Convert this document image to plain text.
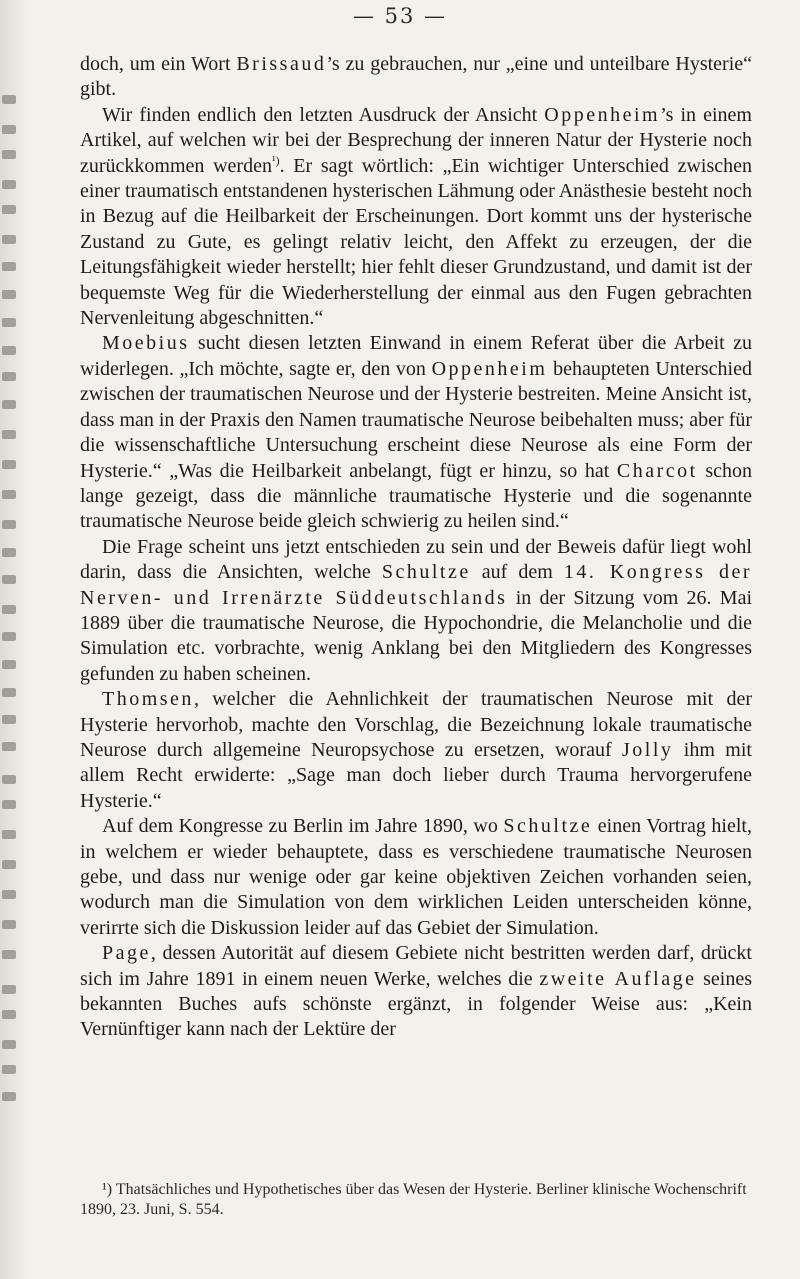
— 53 —

doch, um ein Wort Brissaud’s zu gebrauchen, nur „eine und unteilbare Hysterie“ gibt.

Wir finden endlich den letzten Ausdruck der Ansicht Oppenheim’s in einem Artikel, auf welchen wir bei der Besprechung der inneren Natur der Hysterie noch zurückkommen werden$^{^1)}$. Er sagt wörtlich: „Ein wichtiger Unterschied zwischen einer traumatisch entstandenen hysterischen Lähmung oder Anästhesie besteht noch in Bezug auf die Heilbarkeit der Erscheinungen. Dort kommt uns der hysterische Zustand zu Gute, es gelingt relativ leicht, den Affekt zu erzeugen, der die Leitungsfähigkeit wieder herstellt; hier fehlt dieser Grundzustand, und damit ist der bequemste Weg für die Wiederherstellung der einmal aus den Fugen gebrachten Nervenleitung abgeschnitten.“

Moebius sucht diesen letzten Einwand in einem Referat über die Arbeit zu widerlegen. „Ich möchte, sagte er, den von Oppenheim behaupteten Unterschied zwischen der traumatischen Neurose und der Hysterie bestreiten. Meine Ansicht ist, dass man in der Praxis den Namen traumatische Neurose beibehalten muss; aber für die wissenschaftliche Untersuchung erscheint diese Neurose als eine Form der Hysterie.“ „Was die Heilbarkeit anbelangt, fügt er hinzu, so hat Charcot schon lange gezeigt, dass die männliche traumatische Hysterie und die sogenannte traumatische Neurose beide gleich schwierig zu heilen sind.“

Die Frage scheint uns jetzt entschieden zu sein und der Beweis dafür liegt wohl darin, dass die Ansichten, welche Schultze auf dem 14. Kongress der Nerven- und Irrenärzte Süddeutschlands in der Sitzung vom 26. Mai 1889 über die traumatische Neurose, die Hypochondrie, die Melancholie und die Simulation etc. vorbrachte, wenig Anklang bei den Mitgliedern des Kongresses gefunden zu haben scheinen.

Thomsen, welcher die Aehnlichkeit der traumatischen Neurose mit der Hysterie hervorhob, machte den Vorschlag, die Bezeichnung lokale traumatische Neurose durch allgemeine Neuropsychose zu ersetzen, worauf Jolly ihm mit allem Recht erwiderte: „Sage man doch lieber durch Trauma hervorgerufene Hysterie.“

Auf dem Kongresse zu Berlin im Jahre 1890, wo Schultze einen Vortrag hielt, in welchem er wieder behauptete, dass es verschiedene traumatische Neurosen gebe, und dass nur wenige oder gar keine objektiven Zeichen vorhanden seien, wodurch man die Simulation von dem wirklichen Leiden unterscheiden könne, verirrte sich die Diskussion leider auf das Gebiet der Simulation.

Page, dessen Autorität auf diesem Gebiete nicht bestritten werden darf, drückt sich im Jahre 1891 in einem neuen Werke, welches die zweite Auflage seines bekannten Buches aufs schönste ergänzt, in folgender Weise aus: „Kein Vernünftiger kann nach der Lektüre der

¹) Thatsächliches und Hypothetisches über das Wesen der Hysterie. Berliner klinische Wochenschrift 1890, 23. Juni, S. 554.
